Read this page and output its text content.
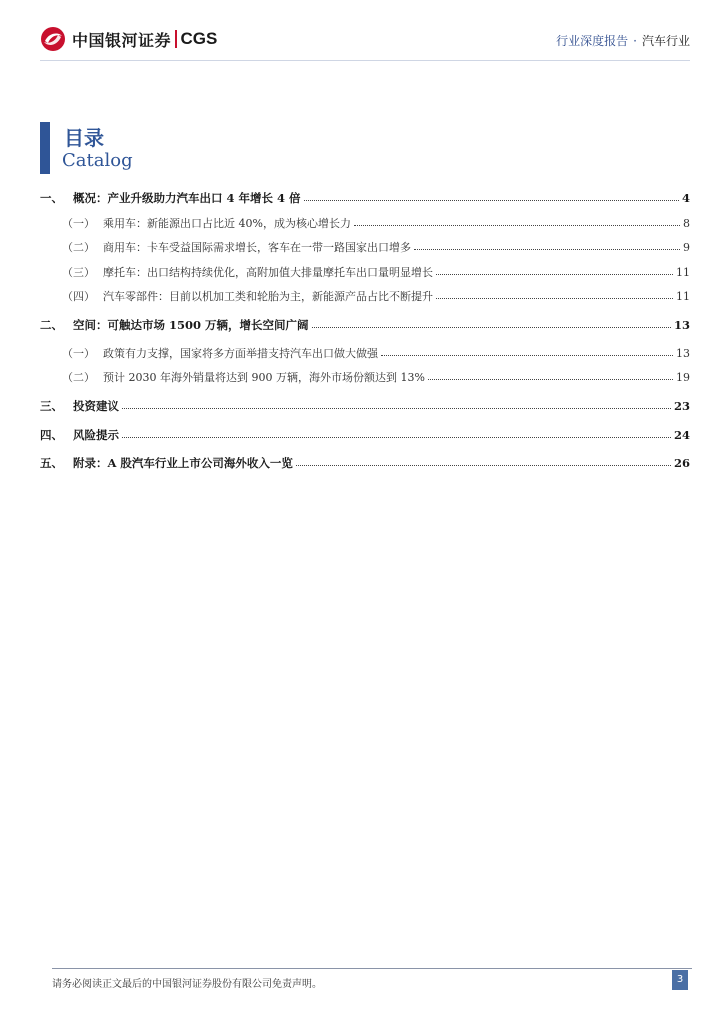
中国银河证券 CGS	行业深度报告 · 汽车行业
目录
Catalog
一、 概况：产业升级助力汽车出口 4 年增长 4 倍	4
（一） 乘用车：新能源出口占比近 40%，成为核心增长力	8
（二） 商用车：卡车受益国际需求增长，客车在一带一路国家出口增多	9
（三） 摩托车：出口结构持续优化，高附加值大排量摩托车出口量明显增长	11
（四） 汽车零部件：目前以机加工类和轮胎为主，新能源产品占比不断提升	11
二、 空间：可触达市场 1500 万辆，增长空间广阔	13
（一） 政策有力支撑，国家将多方面举措支持汽车出口做大做强	13
（二） 预计 2030 年海外销量将达到 900 万辆，海外市场份额达到 13%	19
三、 投资建议	23
四、 风险提示	24
五、 附录：A 股汽车行业上市公司海外收入一览	26
请务必阅读正文最后的中国银河证券股份有限公司免责声明。	3
